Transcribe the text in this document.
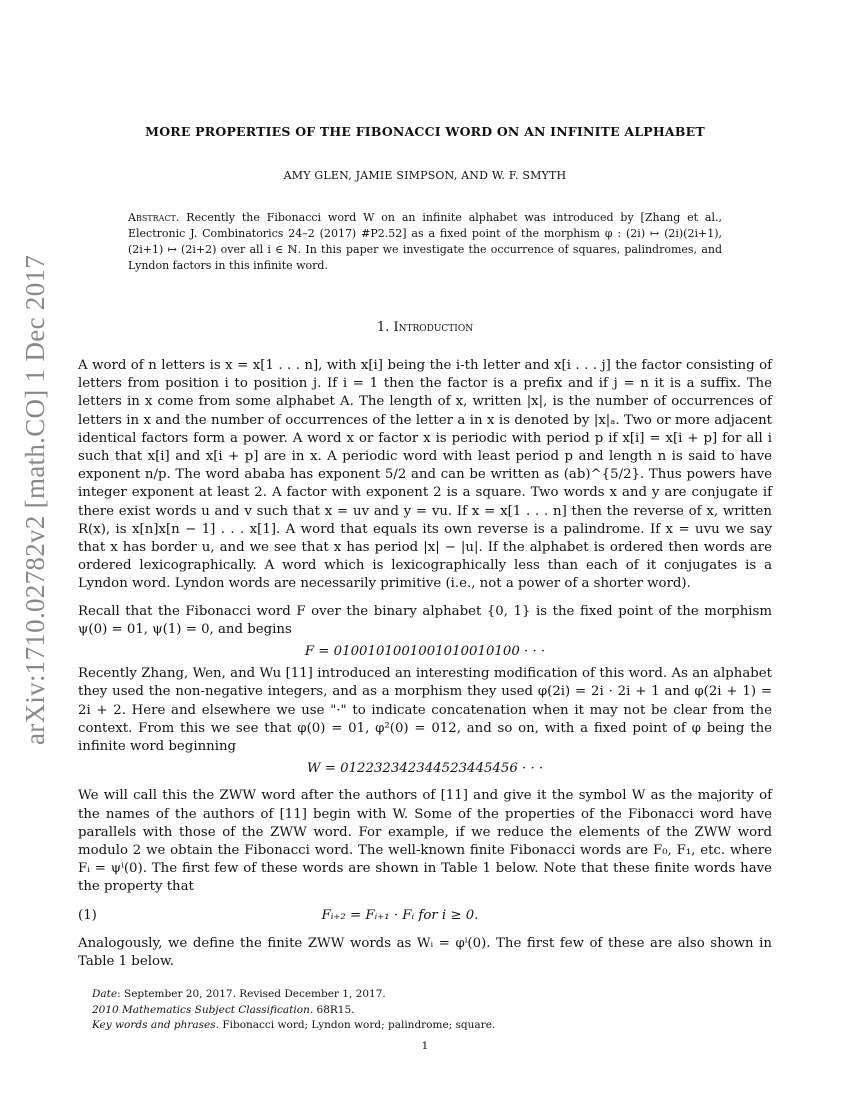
arXiv:1710.02782v2 [math.CO] 1 Dec 2017
MORE PROPERTIES OF THE FIBONACCI WORD ON AN INFINITE ALPHABET
AMY GLEN, JAMIE SIMPSON, AND W. F. SMYTH
Abstract. Recently the Fibonacci word W on an infinite alphabet was introduced by [Zhang et al., Electronic J. Combinatorics 24–2 (2017) #P2.52] as a fixed point of the morphism φ : (2i) ↦ (2i)(2i+1), (2i+1) ↦ (2i+2) over all i ∈ ℕ. In this paper we investigate the occurrence of squares, palindromes, and Lyndon factors in this infinite word.
1. Introduction

A word of n letters is x = x[1 . . . n], with x[i] being the i-th letter and x[i . . . j] the factor consisting of letters from position i to position j. If i = 1 then the factor is a prefix and if j = n it is a suffix. The letters in x come from some alphabet A. The length of x, written |x|, is the number of occurrences of letters in x and the number of occurrences of the letter a in x is denoted by |x|ₐ. Two or more adjacent identical factors form a power. A word x or factor x is periodic with period p if x[i] = x[i + p] for all i such that x[i] and x[i + p] are in x. A periodic word with least period p and length n is said to have exponent n/p. The word ababa has exponent 5/2 and can be written as (ab)^{5/2}. Thus powers have integer exponent at least 2. A factor with exponent 2 is a square. Two words x and y are conjugate if there exist words u and v such that x = uv and y = vu. If x = x[1 . . . n] then the reverse of x, written R(x), is x[n]x[n − 1] . . . x[1]. A word that equals its own reverse is a palindrome. If x = uvu we say that x has border u, and we see that x has period |x| − |u|. If the alphabet is ordered then words are ordered lexicographically. A word which is lexicographically less than each of it conjugates is a Lyndon word. Lyndon words are necessarily primitive (i.e., not a power of a shorter word).

Recall that the Fibonacci word F over the binary alphabet {0, 1} is the fixed point of the morphism ψ(0) = 01, ψ(1) = 0, and begins

F = 0100101001001010010100 · · ·

Recently Zhang, Wen, and Wu [11] introduced an interesting modification of this word. As an alphabet they used the non-negative integers, and as a morphism they used φ(2i) = 2i · 2i + 1 and φ(2i + 1) = 2i + 2. Here and elsewhere we use "·" to indicate concatenation when it may not be clear from the context. From this we see that φ(0) = 01, φ²(0) = 012, and so on, with a fixed point of φ being the infinite word beginning

W = 012232342344523445456 · · ·

We will call this the ZWW word after the authors of [11] and give it the symbol W as the majority of the names of the authors of [11] begin with W. Some of the properties of the Fibonacci word have parallels with those of the ZWW word. For example, if we reduce the elements of the ZWW word modulo 2 we obtain the Fibonacci word. The well-known finite Fibonacci words are F₀, F₁, etc. where Fᵢ = ψⁱ(0). The first few of these words are shown in Table 1 below. Note that these finite words have the property that

(1)	Fᵢ₊₂ = Fᵢ₊₁ · Fᵢ for i ≥ 0.

Analogously, we define the finite ZWW words as Wᵢ = φⁱ(0). The first few of these are also shown in Table 1 below.

Date: September 20, 2017. Revised December 1, 2017.
2010 Mathematics Subject Classification. 68R15.
Key words and phrases. Fibonacci word; Lyndon word; palindrome; square.
1
